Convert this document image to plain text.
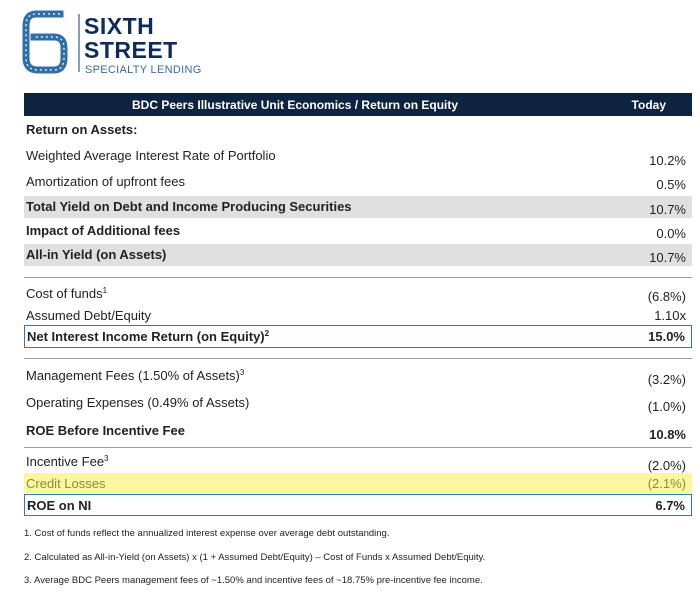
SIXTH
STREET
SPECIALTY LENDING
BDC Peers Illustrative Unit Economics / Return on Equity	Today
Return on Assets:
Weighted Average Interest Rate of Portfolio	10.2%
Amortization of upfront fees	0.5%
Total Yield on Debt and Income Producing Securities	10.7%
Impact of Additional fees	0.0%
All-in Yield (on Assets)	10.7%
Cost of funds$^1$	(6.8%)
Assumed Debt/Equity	1.10x
Net Interest Income Return (on Equity)$^2$	15.0%
Management Fees (1.50% of Assets)$^3$	(3.2%)
Operating Expenses (0.49% of Assets)	(1.0%)
ROE Before Incentive Fee	10.8%
Incentive Fee$^3$	(2.0%)
Credit Losses	(2.1%)
ROE on NI	6.7%
1. Cost of funds reflect the annualized interest expense over average debt outstanding.
2. Calculated as All-in-Yield (on Assets) x (1 + Assumed Debt/Equity) – Cost of Funds x Assumed Debt/Equity.
3. Average BDC Peers management fees of ~1.50% and incentive fees of ~18.75% pre-incentive fee income.
